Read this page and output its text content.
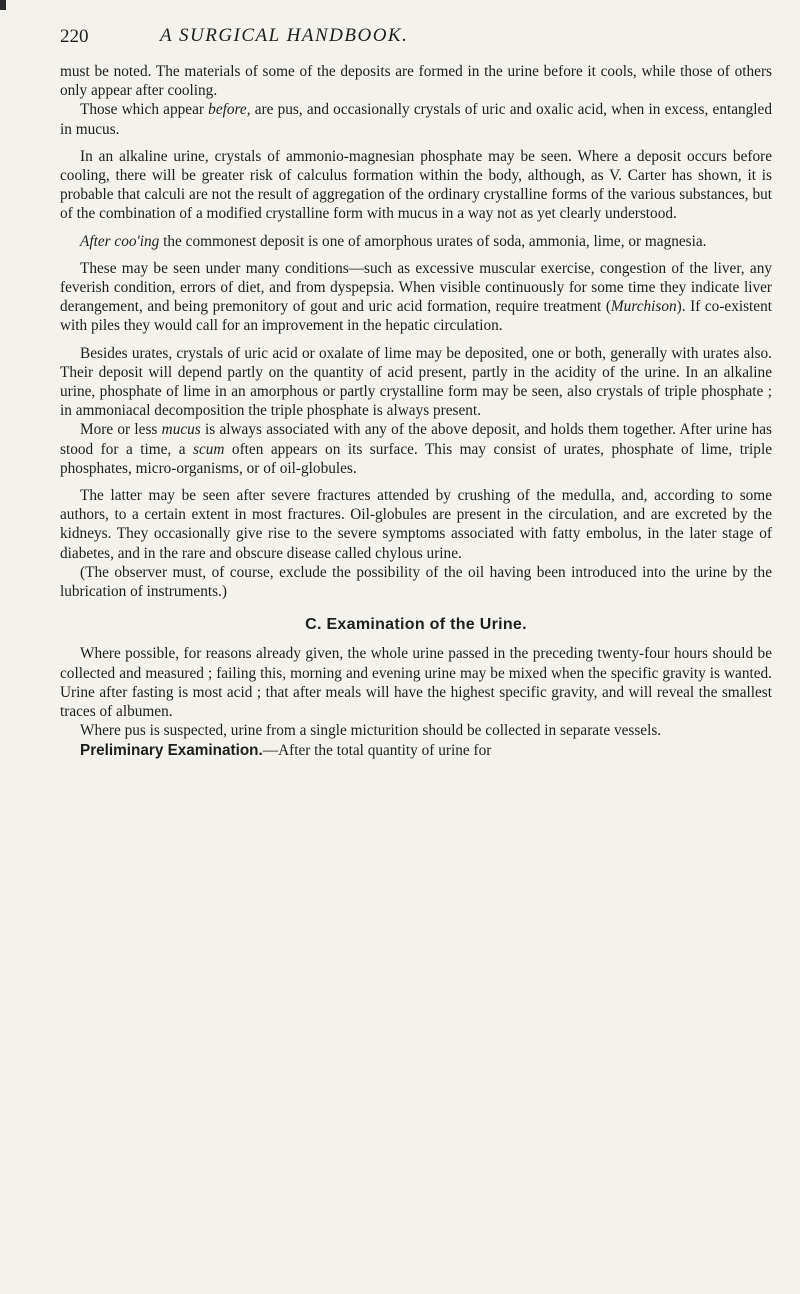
220	A SURGICAL HANDBOOK.

must be noted. The materials of some of the deposits are formed in the urine before it cools, while those of others only appear after cooling.

Those which appear before, are pus, and occasionally crystals of uric and oxalic acid, when in excess, entangled in mucus.

In an alkaline urine, crystals of ammonio-magnesian phosphate may be seen. Where a deposit occurs before cooling, there will be greater risk of calculus formation within the body, although, as V. Carter has shown, it is probable that calculi are not the result of aggregation of the ordinary crystalline forms of the various substances, but of the combination of a modified crystalline form with mucus in a way not as yet clearly understood.

After coo'ing the commonest deposit is one of amorphous urates of soda, ammonia, lime, or magnesia.

These may be seen under many conditions—such as excessive muscular exercise, congestion of the liver, any feverish condition, errors of diet, and from dyspepsia. When visible continuously for some time they indicate liver derangement, and being premonitory of gout and uric acid formation, require treatment (Murchison). If co-existent with piles they would call for an improvement in the hepatic circulation.

Besides urates, crystals of uric acid or oxalate of lime may be deposited, one or both, generally with urates also. Their deposit will depend partly on the quantity of acid present, partly in the acidity of the urine. In an alkaline urine, phosphate of lime in an amorphous or partly crystalline form may be seen, also crystals of triple phosphate ; in ammoniacal decomposition the triple phosphate is always present.

More or less mucus is always associated with any of the above deposit, and holds them together. After urine has stood for a time, a scum often appears on its surface. This may consist of urates, phosphate of lime, triple phosphates, micro-organisms, or of oil-globules.

The latter may be seen after severe fractures attended by crushing of the medulla, and, according to some authors, to a certain extent in most fractures. Oil-globules are present in the circulation, and are excreted by the kidneys. They occasionally give rise to the severe symptoms associated with fatty embolus, in the later stage of diabetes, and in the rare and obscure disease called chylous urine.

(The observer must, of course, exclude the possibility of the oil having been introduced into the urine by the lubrication of instruments.)

C. Examination of the Urine.

Where possible, for reasons already given, the whole urine passed in the preceding twenty-four hours should be collected and measured ; failing this, morning and evening urine may be mixed when the specific gravity is wanted. Urine after fasting is most acid ; that after meals will have the highest specific gravity, and will reveal the smallest traces of albumen.

Where pus is suspected, urine from a single micturition should be collected in separate vessels.

Preliminary Examination.—After the total quantity of urine for
